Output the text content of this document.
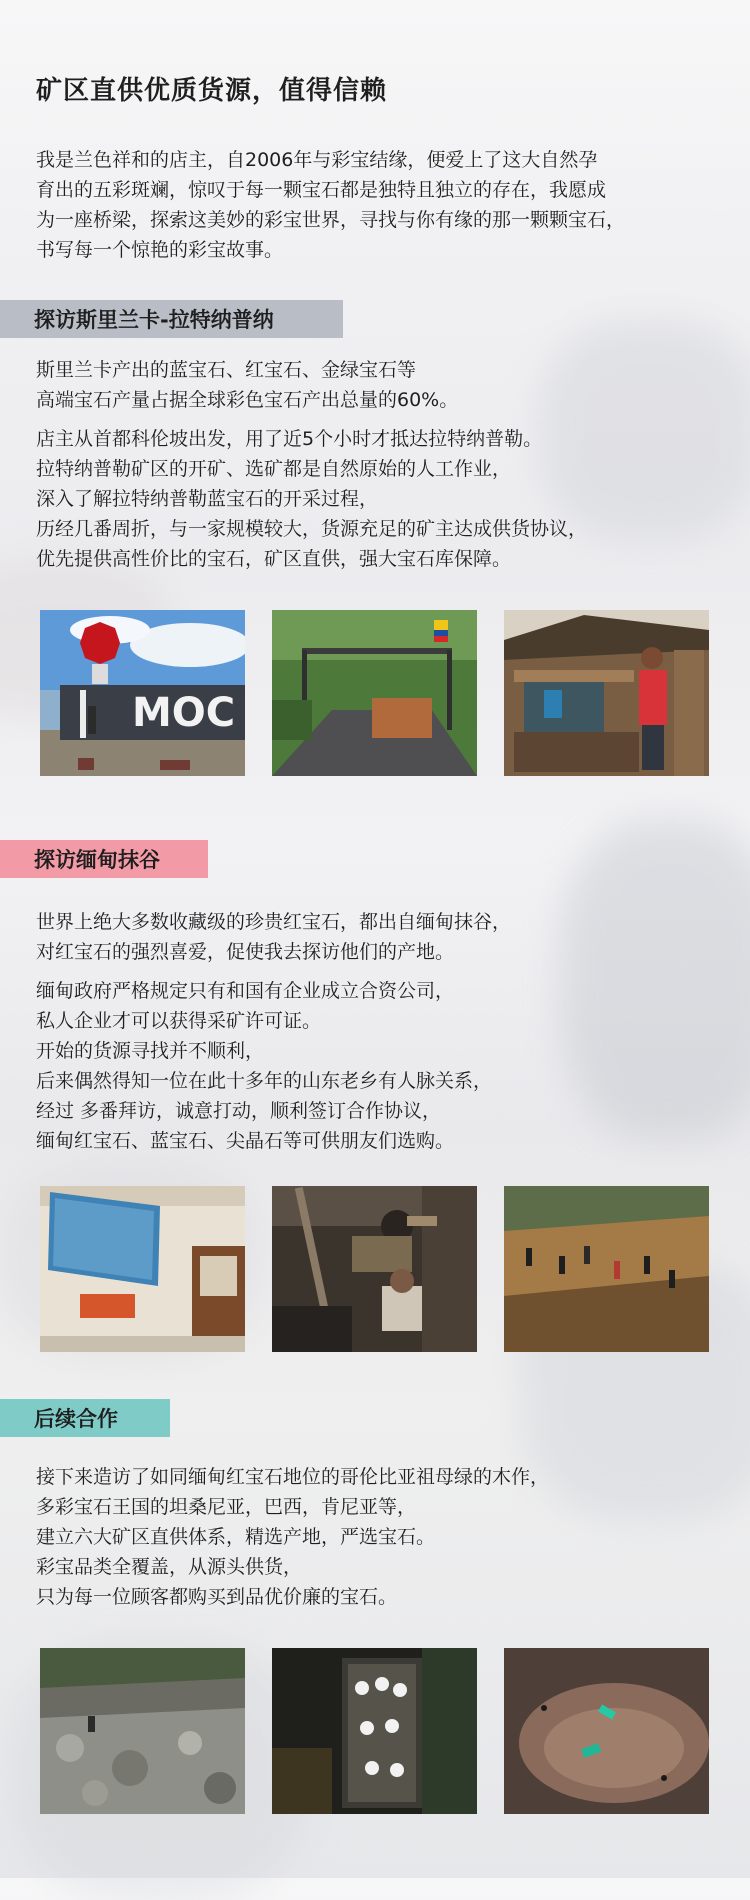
矿区直供优质货源，值得信赖
我是兰色祥和的店主，自2006年与彩宝结缘，便爱上了这大自然孕
育出的五彩斑斓，惊叹于每一颗宝石都是独特且独立的存在，我愿成
为一座桥梁，探索这美妙的彩宝世界，寻找与你有缘的那一颗颗宝石，
书写每一个惊艳的彩宝故事。
探访斯里兰卡-拉特纳普纳
斯里兰卡产出的蓝宝石、红宝石、金绿宝石等
高端宝石产量占据全球彩色宝石产出总量的60%。
店主从首都科伦坡出发，用了近5个小时才抵达拉特纳普勒。
拉特纳普勒矿区的开矿、选矿都是自然原始的人工作业，
深入了解拉特纳普勒蓝宝石的开采过程，
历经几番周折，与一家规模较大，货源充足的矿主达成供货协议，
优先提供高性价比的宝石，矿区直供，强大宝石库保障。
MOC
探访缅甸抹谷
世界上绝大多数收藏级的珍贵红宝石，都出自缅甸抹谷，
对红宝石的强烈喜爱，促使我去探访他们的产地。
缅甸政府严格规定只有和国有企业成立合资公司，
私人企业才可以获得采矿许可证。
开始的货源寻找并不顺利，
后来偶然得知一位在此十多年的山东老乡有人脉关系，
经过 多番拜访，诚意打动，顺利签订合作协议，
缅甸红宝石、蓝宝石、尖晶石等可供朋友们选购。
后续合作
接下来造访了如同缅甸红宝石地位的哥伦比亚祖母绿的木作，
多彩宝石王国的坦桑尼亚，巴西，肯尼亚等，
建立六大矿区直供体系，精选产地，严选宝石。
彩宝品类全覆盖，从源头供货，
只为每一位顾客都购买到品优价廉的宝石。
